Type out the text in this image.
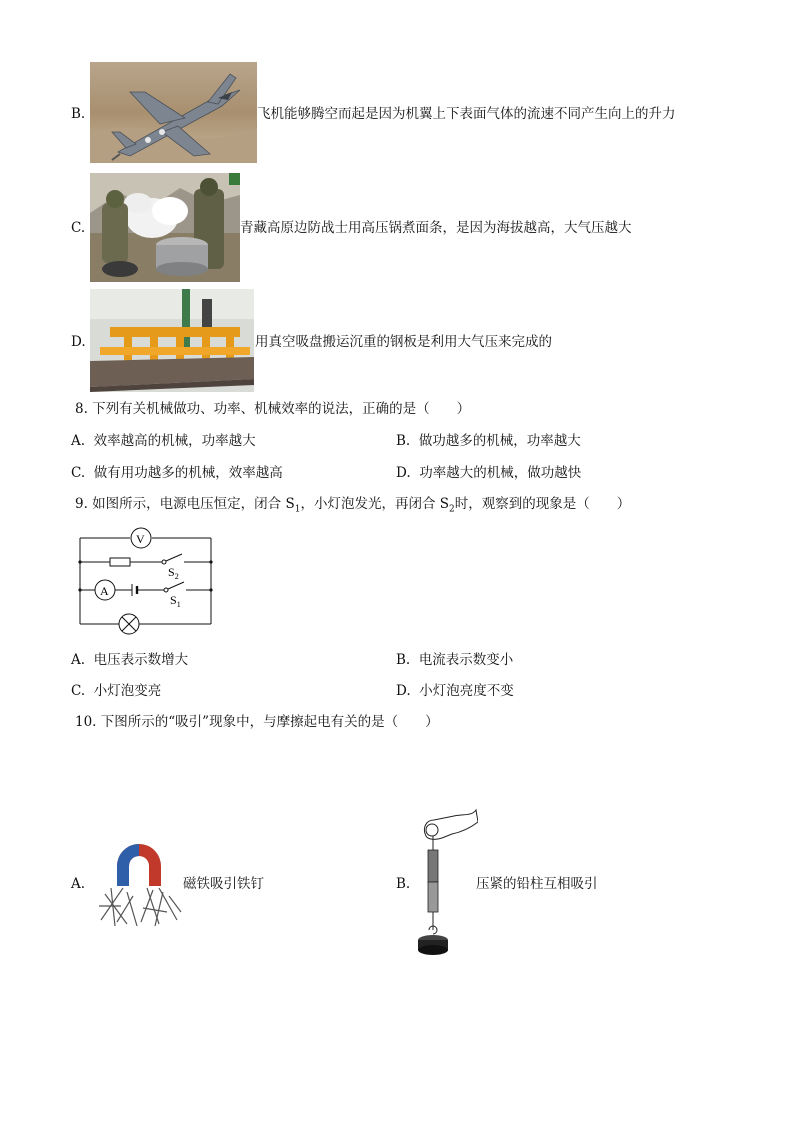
B.	飞机能够腾空而起是因为机翼上下表面气体的流速不同产生向上的升力
C.	青藏高原边防战士用高压锅煮面条，是因为海拔越高，大气压越大
D.	用真空吸盘搬运沉重的钢板是利用大气压来完成的
8. 下列有关机械做功、功率、机械效率的说法，正确的是（　　）
A. 效率越高的机械，功率越大	B. 做功越多的机械，功率越大
C. 做有用功越多的机械，效率越高	D. 功率越大的机械，做功越快
9. 如图所示，电源电压恒定，闭合 $S_1$，小灯泡发光，再闭合 $S_2$时，观察到的现象是（　　）
V
A
$S_2$
$S_1$
A. 电压表示数增大	B. 电流表示数变小
C. 小灯泡变亮	D. 小灯泡亮度不变
10. 下图所示的“吸引”现象中，与摩擦起电有关的是（　　）
A.	磁铁吸引铁钉	B.	压紧的铅柱互相吸引
